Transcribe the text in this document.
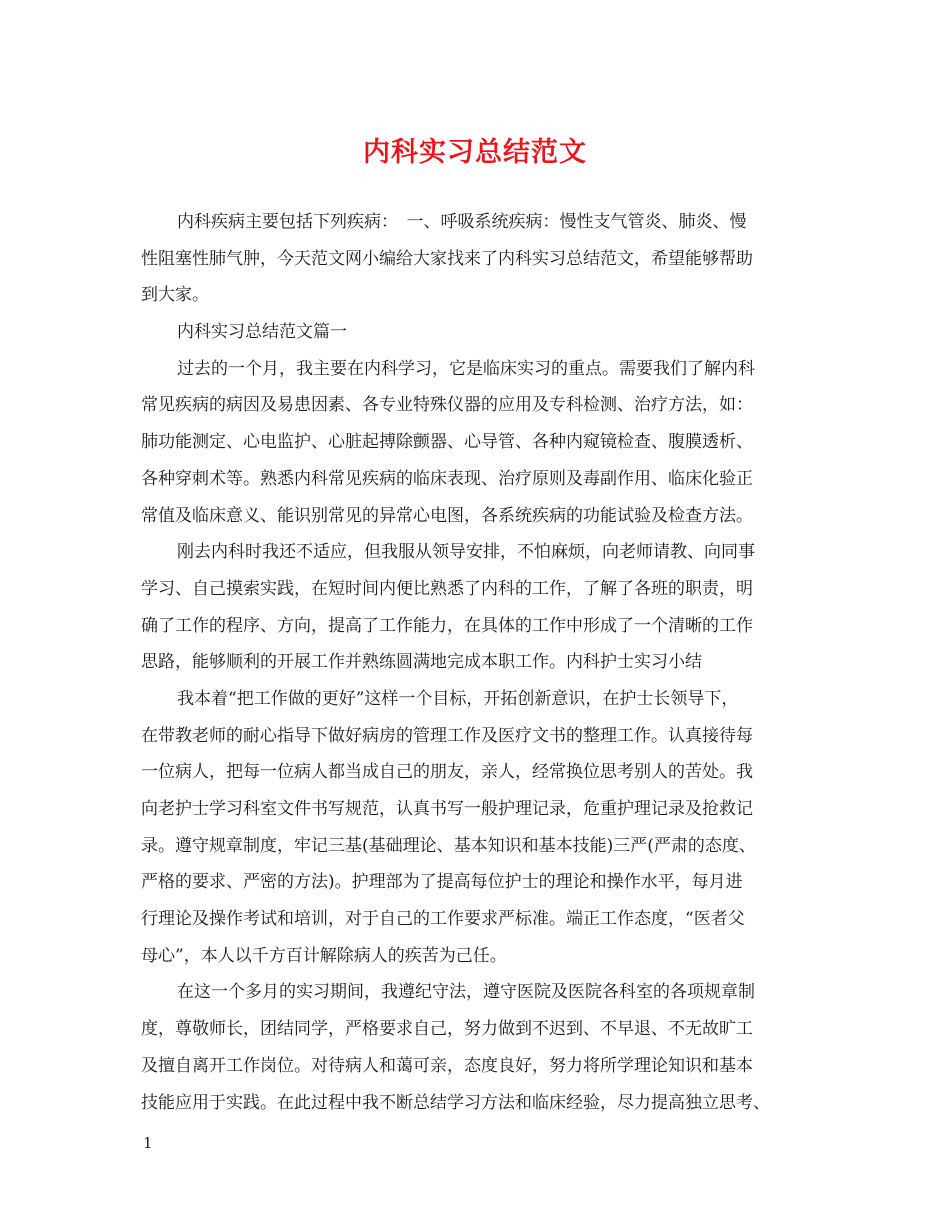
内科实习总结范文
内科疾病主要包括下列疾病：　一、呼吸系统疾病：慢性支气管炎、肺炎、慢
性阻塞性肺气肿，今天范文网小编给大家找来了内科实习总结范文，希望能够帮助
到大家。
内科实习总结范文篇一
过去的一个月，我主要在内科学习，它是临床实习的重点。需要我们了解内科
常见疾病的病因及易患因素、各专业特殊仪器的应用及专科检测、治疗方法，如：
肺功能测定、心电监护、心脏起搏除颤器、心导管、各种内窥镜检查、腹膜透析、
各种穿刺术等。熟悉内科常见疾病的临床表现、治疗原则及毒副作用、临床化验正
常值及临床意义、能识别常见的异常心电图，各系统疾病的功能试验及检查方法。
刚去内科时我还不适应，但我服从领导安排，不怕麻烦，向老师请教、向同事
学习、自己摸索实践，在短时间内便比熟悉了内科的工作，了解了各班的职责，明
确了工作的程序、方向，提高了工作能力，在具体的工作中形成了一个清晰的工作
思路，能够顺利的开展工作并熟练圆满地完成本职工作。内科护士实习小结
我本着“把工作做的更好”这样一个目标，开拓创新意识，在护士长领导下，
在带教老师的耐心指导下做好病房的管理工作及医疗文书的整理工作。认真接待每
一位病人，把每一位病人都当成自己的朋友，亲人，经常换位思考别人的苦处。我
向老护士学习科室文件书写规范，认真书写一般护理记录，危重护理记录及抢救记
录。遵守规章制度，牢记三基(基础理论、基本知识和基本技能)三严(严肃的态度、
严格的要求、严密的方法)。护理部为了提高每位护士的理论和操作水平，每月进
行理论及操作考试和培训，对于自己的工作要求严标准。端正工作态度，“医者父
母心”，本人以千方百计解除病人的疾苦为己任。
在这一个多月的实习期间，我遵纪守法，遵守医院及医院各科室的各项规章制
度，尊敬师长，团结同学，严格要求自己，努力做到不迟到、不早退、不无故旷工
及擅自离开工作岗位。对待病人和蔼可亲，态度良好，努力将所学理论知识和基本
技能应用于实践。在此过程中我不断总结学习方法和临床经验，尽力提高独立思考、
1
